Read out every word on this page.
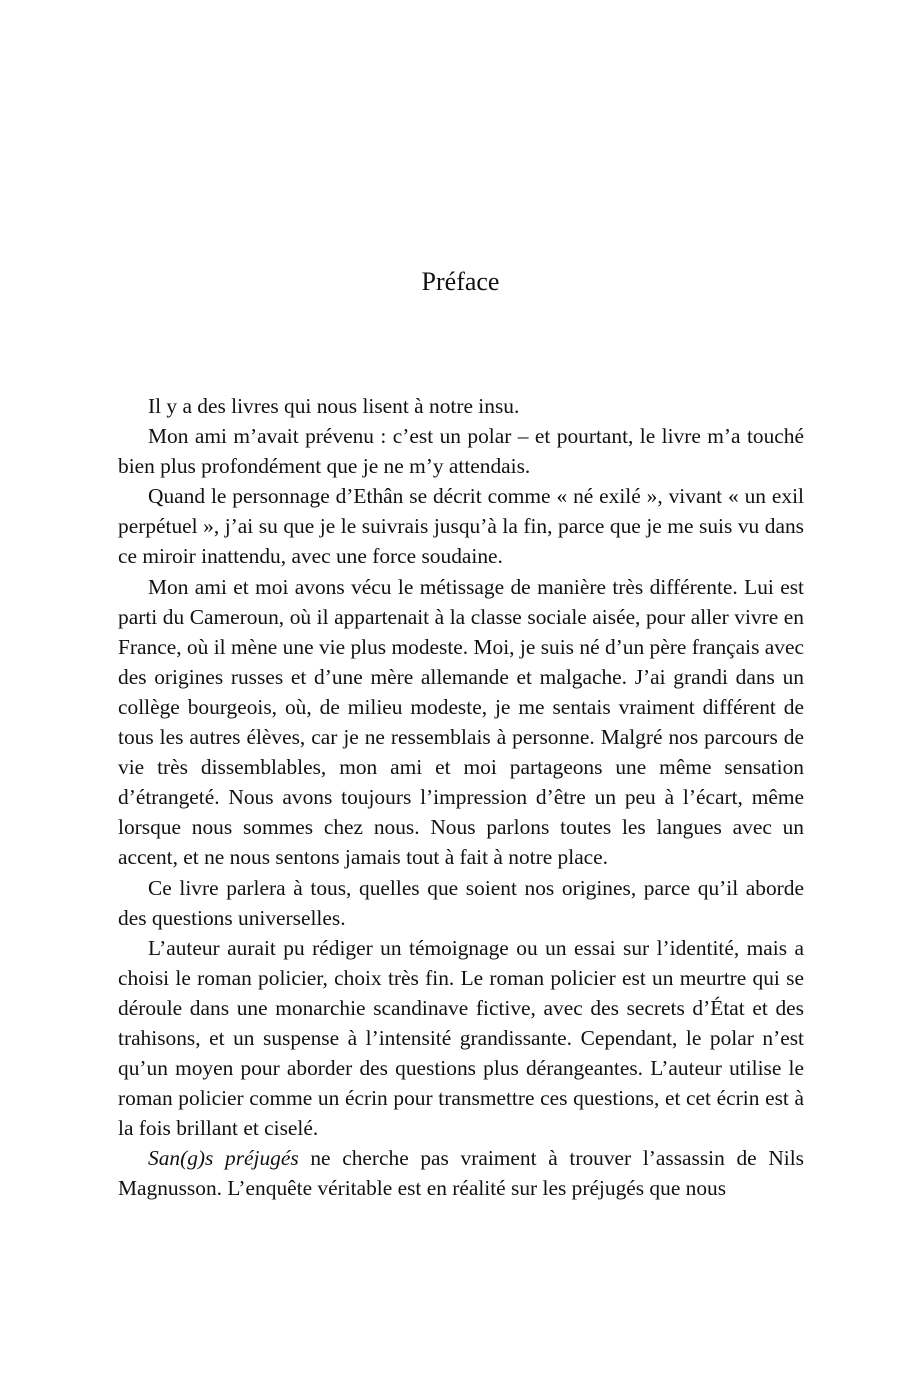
Préface

Il y a des livres qui nous lisent à notre insu.

Mon ami m’avait prévenu : c’est un polar – et pourtant, le livre m’a touché bien plus profondément que je ne m’y attendais.

Quand le personnage d’Ethân se décrit comme « né exilé », vivant « un exil perpétuel », j’ai su que je le suivrais jusqu’à la fin, parce que je me suis vu dans ce miroir inattendu, avec une force soudaine.

Mon ami et moi avons vécu le métissage de manière très différente. Lui est parti du Cameroun, où il appartenait à la classe sociale aisée, pour aller vivre en France, où il mène une vie plus modeste. Moi, je suis né d’un père français avec des origines russes et d’une mère allemande et malgache. J’ai grandi dans un collège bourgeois, où, de milieu modeste, je me sentais vraiment différent de tous les autres élèves, car je ne ressemblais à personne. Malgré nos parcours de vie très dissemblables, mon ami et moi partageons une même sensation d’étrangeté. Nous avons toujours l’impression d’être un peu à l’écart, même lorsque nous sommes chez nous. Nous parlons toutes les langues avec un accent, et ne nous sentons jamais tout à fait à notre place.

Ce livre parlera à tous, quelles que soient nos origines, parce qu’il aborde des questions universelles.

L’auteur aurait pu rédiger un témoignage ou un essai sur l’identité, mais a choisi le roman policier, choix très fin. Le roman policier est un meurtre qui se déroule dans une monarchie scandinave fictive, avec des secrets d’État et des trahisons, et un suspense à l’intensité grandissante. Cependant, le polar n’est qu’un moyen pour aborder des questions plus dérangeantes. L’auteur utilise le roman policier comme un écrin pour transmettre ces questions, et cet écrin est à la fois brillant et ciselé.

San(g)s préjugés ne cherche pas vraiment à trouver l’assassin de Nils Magnusson. L’enquête véritable est en réalité sur les préjugés que nous
